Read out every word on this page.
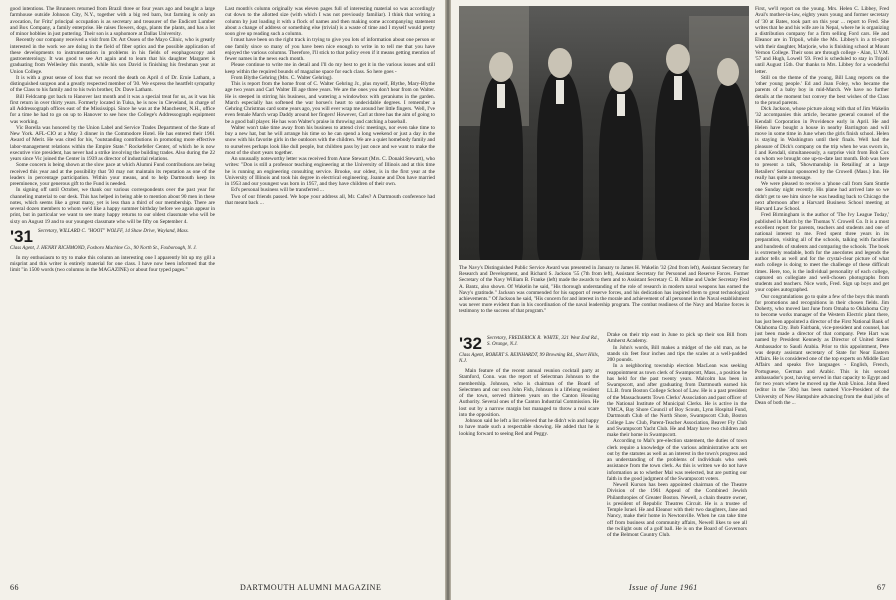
good intentions. The Brunners returned from Brazil three or four years ago and bought a large farmhouse outside Johnson City, N.Y., together with a big red barn, but farming is only an avocation, for Fritz' principal occupation is as secretary and treasurer of the Endicott Lumber and Box Company, a family enterprise. He raises flowers, dogs, plants the plants, and has a lot of minor hobbies in just puttering. Their son is a sophomore at Dallas University.

Recently our company received a visit from Dr. Art Ossen of the Mayo Clinic, who is greatly interested in the work we are doing in the field of fiber optics and the possible application of these developments to instrumentation in problems in his fields of esophagoscopy and gastroenterology. It was good to see Art again and to learn that his daughter Margaret is graduating from Wellesley this month, while his son David is finishing his freshman year at Union College.

It is with a great sense of loss that we record the death on April 4 of Dr. Ernie Latham, a distinguished surgeon and a greatly respected member of '30. We express the heartfelt sympathy of the Class to his family and to his twin brother, Dr. Dave Latham.

Bill Feldcamp got back to Hanover last month and it was a special treat for us, as it was his first return in over thirty years. Formerly located in Tulsa, he is now in Cleveland, in charge of all Addressograph offices east of the Mississippi. Since he was at the Manchester, N.H., office for a time he had to go on up to Hanover to see how the College's Addressograph equipment was working.

Vic Borella was honored by the Union Label and Service Trades Department of the State of New York. AFL-CIO at a May 3 dinner in the Commodore Hotel. He has entered their 1961 Award of Merit. He was cited for his, "outstanding contributions in promoting more effective labor-management relations within the Empire State." Rockefeller Center, of which he is now executive vice president, has never had a strike involving the building trades. Also during the 22 years since Vic joined the Center in 1939 as director of industrial relations.

Some concern is being shown at the slow pace at which Alumni Fund contributions are being received this year and at the possibility that '30 may not maintain its reputation as one of the leaders in percentage participation. Within your means, and to help Dartmouth keep its preeminence, your generous gift to the Fund is needed.

In signing off until October, we thank our various correspondents over the past year for channeling material to our desk. This has helped in being able to mention about 90 men in these notes, which seems like a great many, yet is less than a third of our membership. There are several dozen members to whom we'd like a happy summer birthday before we again appear in print, but in particular we want to see many happy returns to our oldest classmate who will be sixty on August 19 and to our youngest classmate who will be fifty on September 4.

'31 Secretary, WILLARD C. "HOOT" WOLFF, 14 Shaw Drive, Wayland, Mass.
Class Agent, J. HENRY RICHMOND, Foxboro Machine Co., 90 North St., Foxborough, N. J.

In my enthusiasm to try to make this column an interesting one I apparently bit up my gill a misprint and this writer is entirely material for one class. I have now been informed that the limit "in 1500 words (two columns in the MAGAZINE) or about four typed pages."

Last month's column originally was eleven pages full of interesting material so was accordingly cut down to the allotted size (with which I was not previously familiar). I think that writing a column by just loading it with a flock of names and then making some accompanying statement about a change of address or something else (trivial) is a waste of time and I myself would pretty soon give up reading such a column.

I must have been on the right track in trying to give you lots of information about one person or one family since so many of you have been nice enough to write in to tell me that you have enjoyed the various columns. Therefore, I'll stick to that policy even if it means getting mention of fewer names in the news each month.

Please continue to write me in detail and I'll do my best to get it in the various issues and still keep within the required bounds of magazine space for each class. So here goes -

From Blythe Gehring (Mrs. C. Walter Gehring).

This is report from the home front of C. Walter Gehring Jr., plus myself, Blythe, Mary-Blythe age two years and Carl Walter III age three years. We are the ones you don't hear from on Walter. He is steeped in stirring his business, and watering a windowbox with geraniums in the garden. March especially has softened the war horses's heart to undecidable degrees. I remember a Gehring Christmas card some years ago, you will ever wrap me around her little fingers. 'Well, I've even female March wrap Daddy around her fingers! However, Carl at three has the aim of going to be a good ball player. He has won Walter's praise in throwing and catching a baseball.

Walter won't take time away from his business to attend civic meetings, nor even take time to buy a new hat, but he will arrange his time so he can spend a long weekend or just a day in the snow with his favorite girls in the outdoors with the children. We are a quiet homebody family and to ourselves perhaps look like dull people, but children pass by just once and we want to make the most of the short years together.

An unusually noteworthy letter was received from Anne Stewart (Mrs. C. Donald Stewart), who writes: "Don is still a professor teaching engineering at the University of Illinois and at this time he is running an engineering consulting service. Brooke, our oldest, is in the first year at the University of Illinois and took his degree in electrical engineering. Joanne and Don have married in 1953 and our youngest was born in 1957, and they have children of their own.

Ed's personal business will be transferred ...

Two of our friends passed. We hope your address all, Mr. Cafes? A Dartmouth conference had that meant back ...

66	DARTMOUTH ALUMNI MAGAZINE
The Navy's Distinguished Public Service Award was presented in January to James H. Wakelin '32 (2nd from left), Assistant Secretary for Research and Development, and Richard S. Jackson '55 (7th from left), Assistant Secretary for Personnel and Reserve Forces. Former Secretary of the Navy William B. Franke (left) made the awards to them and to Assistant Secretary C. B. Milne and Under Secretary Fred A. Bantz, also shown. Of Wakelin he said, "His thorough understanding of the role of research in modern naval weapons has earned the Navy's gratitude." Jackson was commended for his support of reserve forces, and his dedication has inspired them to great technological achievements." Of Jackson he said, "His concern for and interest in the morale and achievement of all personnel in the Naval establishment was never more evident than in his coordination of the naval leadership program. The combat readiness of the Navy and Marine forces is testimony to the success of that program."
'32 Secretary, FREDERICK R. WHITE, 321 West End Rd., S. Orange, N.J.
Class Agent, ROBERT S. REINHARDT, 99 Browning Rd., Short Hills, N.J.

Main feature of the recent annual reunion cocktail party at Stamford, Conn. was the report of Selectman Johnson to the membership. Johnson, who is chairman of the Board of Selectmen and our own John Fish, Johnson is a lifelong resident of the town, served thirteen years on the Canton Housing Authority. Several ones of the Canton Industrial Commission. He lost out by a narrow margin but managed to throw a real scare into the opposition.

Johnson said he left a list relieved that he didn't win and happy to have made such a respectable showing. He added that he is looking forward to seeing Red and Peggy.

Drake on their trip east in June to pick up their son Bill from Amherst Academy.

In John's words, Bill makes a midget of the old man, as he stands six feet four inches and tips the scales at a well-padded 200 pounds.

In a neighboring township election MacLean was seeking reappointment as town clerk of Swampscott, Mass., a position he has held for the past twenty years. Malcolm has been in Swampscott, and after graduating from Dartmouth earned his LL.B. from Boston College School of Law. He is a past president of the Massachusetts Town Clerks' Association and past officer of the National Institute of Municipal Clerks. He is active in the YMCA, Bay Shore Council of Boy Scouts, Lynn Hospital Fund, Dartmouth Club of the North Shore, Swampscott Club, Boston College Law Club, Parent-Teacher Association, Beaver Fly Club and Swampscott Yacht Club. He and Mary have two children and make their home in Swampscott.

According to Mal's pre-election statement, the duties of town clerk require a knowledge of the various administrative acts set out by the statutes as well as an interest in the town's progress and an understanding of the problems of individuals who seek assistance from the town clerk. As this is written we do not have information as to whether Mal was reelected, but are putting our faith in the good judgment of the Swampscott voters.

Newell Kurson has been appointed chairman of the Theatre Division of the 1961 Appeal of the Combined Jewish Philanthropies of Greater Boston. Newell, a chain theatre owner, is president of Republic Theatres Circuit. He is a trustee of Temple Israel. He and Eleanor with their two daughters, Jane and Nancy, make their home in Newtonville. When he can take time off from business and community affairs, Newell likes to see all the twilight outs of a golf ball. He is on the Board of Governors of the Belmont Country Club.

First, we'll report on the young. Mrs. Helen C. Libbey, Fred Aval's mother-in-law, eighty years young and former secretary of '30 at Bates, took part on this year ... report to Fred. She writes that he and his wife are in Nepal, where he is organizing a distribution company for a firm selling Ford cars. He and Eleanor are in Tripoli, while the Ms. Libbey's in a tri-sport with their daughter, Marjorie, who is finishing school at Mount Vernon College. Their sons are through college - Alan, U.V.M. '57 and Hugh, Lowell '59. Fred is scheduled to stay in Tripoli until August 15th. Our thanks to Mrs. Libbey for a wonderful letter.

Still on the theme of the young, Bill Lang reports on the 'other young people.' Ed and Joan Foley, who became the parents of a baby boy in mid-March. We have no further details at the moment but convey the best wishes of the Class to the proud parents.

Dick Jackson, whose picture along with that of Jim Wakelin '32 accompanies this article, became general counsel of the Kendall Corporation in Providence early in April. He and Helen have bought a house in nearby Barrington and will move in some time in June when the girls finish school. Helen is staying in Washington until their finals. Well had the pleasure of Dick's company on the trip when he was sworn in, I and Kendall, simultaneously, a surprise visit from Bob Cox on whom we brought one up-to-date last month. Bob was here to present a talk, 'Showmanship in Retailing' at a large Retailers' Seminar sponsored by the Crowell (Mass.) Inn. He really has quite a message.

We were pleased to receive a 'phone call from Sam Stuttle one Sunday night recently. His plane had arrived late so we didn't get to see him since he was heading back to Chicago the next afternoon after a Harvard Business School meeting at Harvard Law School.

Fred Birmingham is the author of 'The Ivy League Today,' published in March by the Thomas Y. Crowell Co. It is a most excellent report for parents, teachers and students and one of national interest to me. Fred spent three years in its preparation, visiting all of the schools, talking with faculties and hundreds of students and comparing the schools. The book is extremely readable, both for the anecdotes and legends the author tells as well and for the crystal-clear picture of what each college is doing to meet the challenge of these difficult times. Here, too, is the individual personality of each college, captured on collegiate and well-chosen photographs from students and teachers. Nice work, Fred. Sign up boys and get your copies autographed.

Our congratulations go to quite a few of the boys this month for promotions and recognitions in their chosen fields. Jim Doherty, who moved last June from Omaha to Oklahoma City to become works manager of the Western Electric plant there, has just been appointed a director of the First National Bank of Oklahoma City. Bob Fairbank, vice-president and counsel, has just been made a director of that company. Pete Hart was named by President Kennedy as Director of United States Ambassador to Saudi Arabia. Prior to this appointment, Pete was deputy assistant secretary of State for Near Eastern Affairs. He is considered one of the top experts on Middle East Affairs and speaks five languages - English, French, Portuguese, German and Arabic. This is his second ambassador's post, having served in that capacity to Egypt and for two years where he moved up the Arab Union. John Reed (editor in the '30s) has been named Vice-President of the University of New Hampshire advancing from the dual jobs of Dean of both the ...

Issue of June 1961	67
